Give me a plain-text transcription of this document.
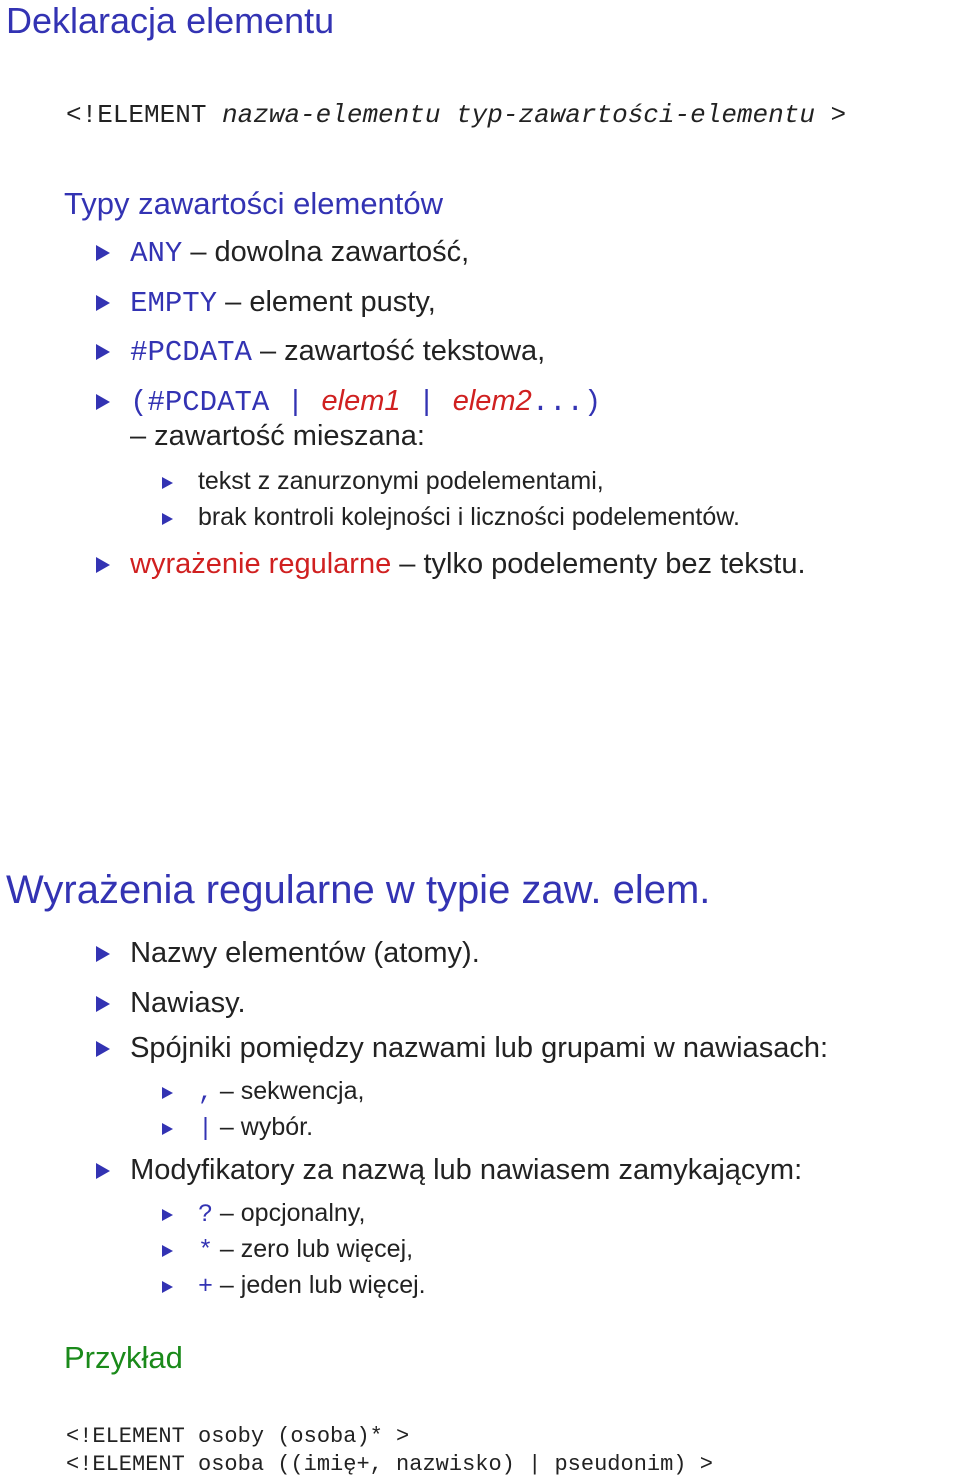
Deklaracja elementu
<!ELEMENT nazwa-elementu typ-zawartości-elementu >
Typy zawartości elementów
ANY – dowolna zawartość,
EMPTY – element pusty,
#PCDATA – zawartość tekstowa,
(#PCDATA | elem1 | elem2...)
– zawartość mieszana:
tekst z zanurzonymi podelementami,
brak kontroli kolejności i liczności podelementów.
wyrażenie regularne – tylko podelementy bez tekstu.
Wyrażenia regularne w typie zaw. elem.
Nazwy elementów (atomy).
Nawiasy.
Spójniki pomiędzy nazwami lub grupami w nawiasach:
, – sekwencja,
| – wybór.
Modyfikatory za nazwą lub nawiasem zamykającym:
? – opcjonalny,
* – zero lub więcej,
+ – jeden lub więcej.
Przykład
<!ELEMENT osoby (osoba)* >
<!ELEMENT osoba ((imię+, nazwisko) | pseudonim) >
